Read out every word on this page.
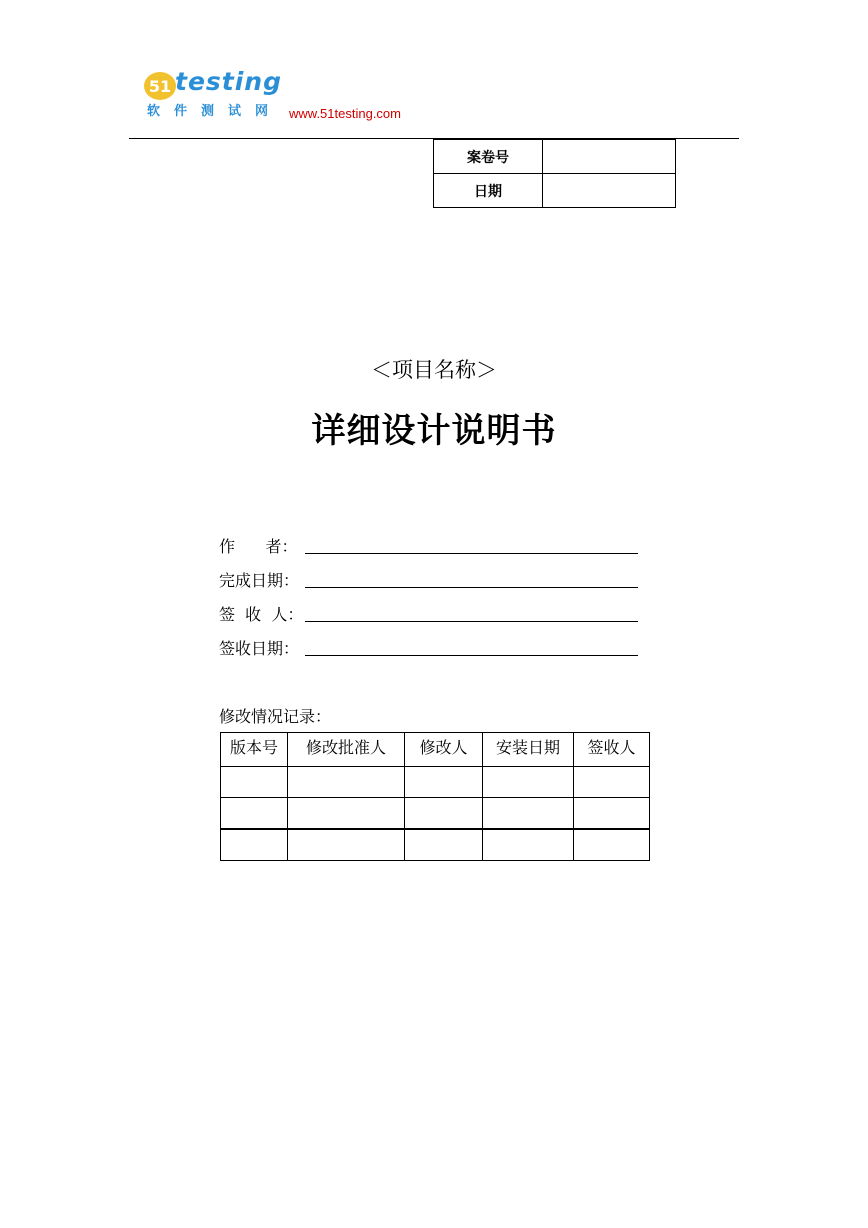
51 testing
软件测试网 www.51testing.com
案卷号	
日期	
＜项目名称＞
详细设计说明书
作      者：
完成日期：
签  收  人：
签收日期：
修改情况记录：
版本号	修改批准人	修改人	安装日期	签收人
